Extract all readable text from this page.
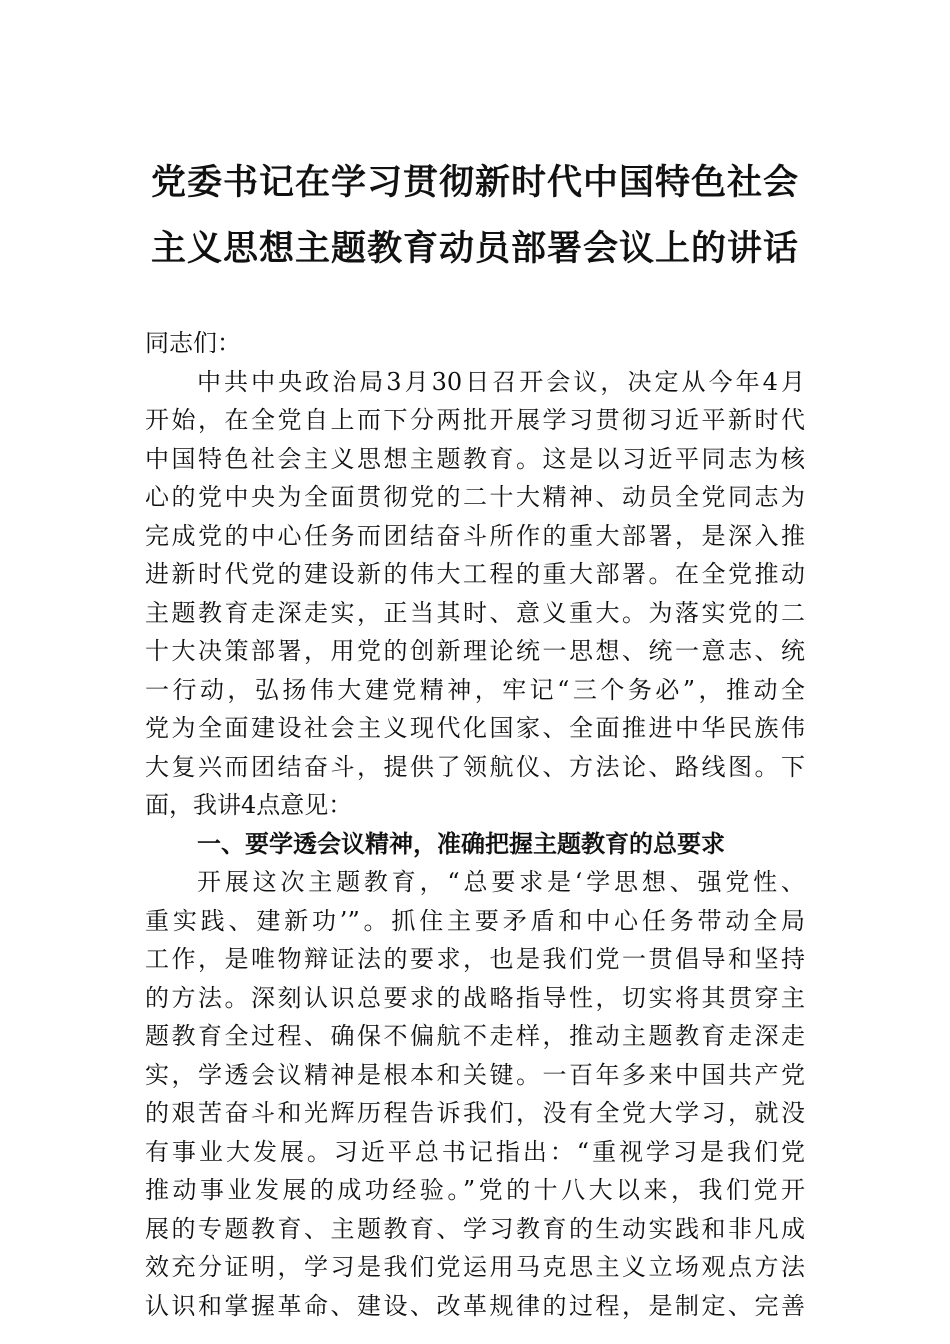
党委书记在学习贯彻新时代中国特色社会
主义思想主题教育动员部署会议上的讲话
同志们：
中共中央政治局3月30日召开会议，决定从今年4月
开始，在全党自上而下分两批开展学习贯彻习近平新时代
中国特色社会主义思想主题教育。这是以习近平同志为核
心的党中央为全面贯彻党的二十大精神、动员全党同志为
完成党的中心任务而团结奋斗所作的重大部署，是深入推
进新时代党的建设新的伟大工程的重大部署。在全党推动
主题教育走深走实，正当其时、意义重大。为落实党的二
十大决策部署，用党的创新理论统一思想、统一意志、统
一行动，弘扬伟大建党精神，牢记“三个务必”，推动全
党为全面建设社会主义现代化国家、全面推进中华民族伟
大复兴而团结奋斗，提供了领航仪、方法论、路线图。下
面，我讲4点意见：
一、要学透会议精神，准确把握主题教育的总要求
开展这次主题教育，“总要求是‘学思想、强党性、
重实践、建新功’”。抓住主要矛盾和中心任务带动全局
工作，是唯物辩证法的要求，也是我们党一贯倡导和坚持
的方法。深刻认识总要求的战略指导性，切实将其贯穿主
题教育全过程、确保不偏航不走样，推动主题教育走深走
实，学透会议精神是根本和关键。一百年多来中国共产党
的艰苦奋斗和光辉历程告诉我们，没有全党大学习，就没
有事业大发展。习近平总书记指出：“重视学习是我们党
推动事业发展的成功经验。”党的十八大以来，我们党开
展的专题教育、主题教育、学习教育的生动实践和非凡成
效充分证明，学习是我们党运用马克思主义立场观点方法
认识和掌握革命、建设、改革规律的过程，是制定、完善
